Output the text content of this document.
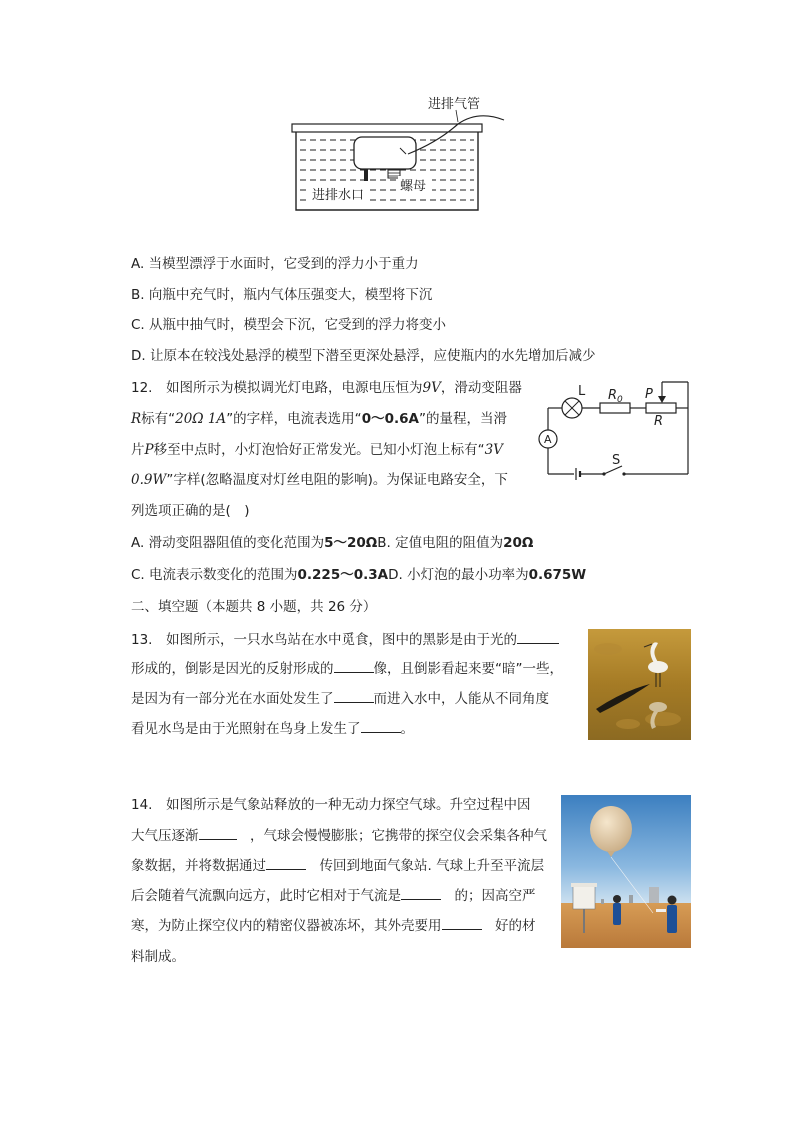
进排水口
螺母
进排气管
A. 当模型漂浮于水面时，它受到的浮力小于重力
B. 向瓶中充气时，瓶内气体压强变大，模型将下沉
C. 从瓶中抽气时，模型会下沉，它受到的浮力将变小
D. 让原本在较浅处悬浮的模型下潜至更深处悬浮，应使瓶内的水先增加后减少
12.　如图所示为模拟调光灯电路，电源电压恒为9V，滑动变阻器
R标有“20Ω 1A”的字样，电流表选用“0～0.6A”的量程，当滑
片P移至中点时，小灯泡恰好正常发光。已知小灯泡上标有“3V
0.9W”字样(忽略温度对灯丝电阻的影响)。为保证电路安全，下
列选项正确的是(　)
A. 滑动变阻器阻值的变化范围为5～20ΩB. 定值电阻的阻值为20Ω
C. 电流表示数变化的范围为0.225～0.3AD. 小灯泡的最小功率为0.675W
L $R_0$ P
R
A
S
二、填空题（本题共 8 小题，共 26 分）
13.　如图所示，一只水鸟站在水中觅食，图中的黑影是由于光的
形成的，倒影是因光的反射形成的	像，且倒影看起来要“暗”一些，
是因为有一部分光在水面处发生了	而进入水中，人能从不同角度
看见水鸟是由于光照射在鸟身上发生了	。
14.　如图所示是气象站释放的一种无动力探空气球。升空过程中因
大气压逐渐　	，气球会慢慢膨胀；它携带的探空仪会采集各种气
象数据，并将数据通过　	传回到地面气象站. 气球上升至平流层
后会随着气流飘向远方，此时它相对于气流是　	的；因高空严
寒，为防止探空仪内的精密仪器被冻坏，其外壳要用　	好的材
料制成。
